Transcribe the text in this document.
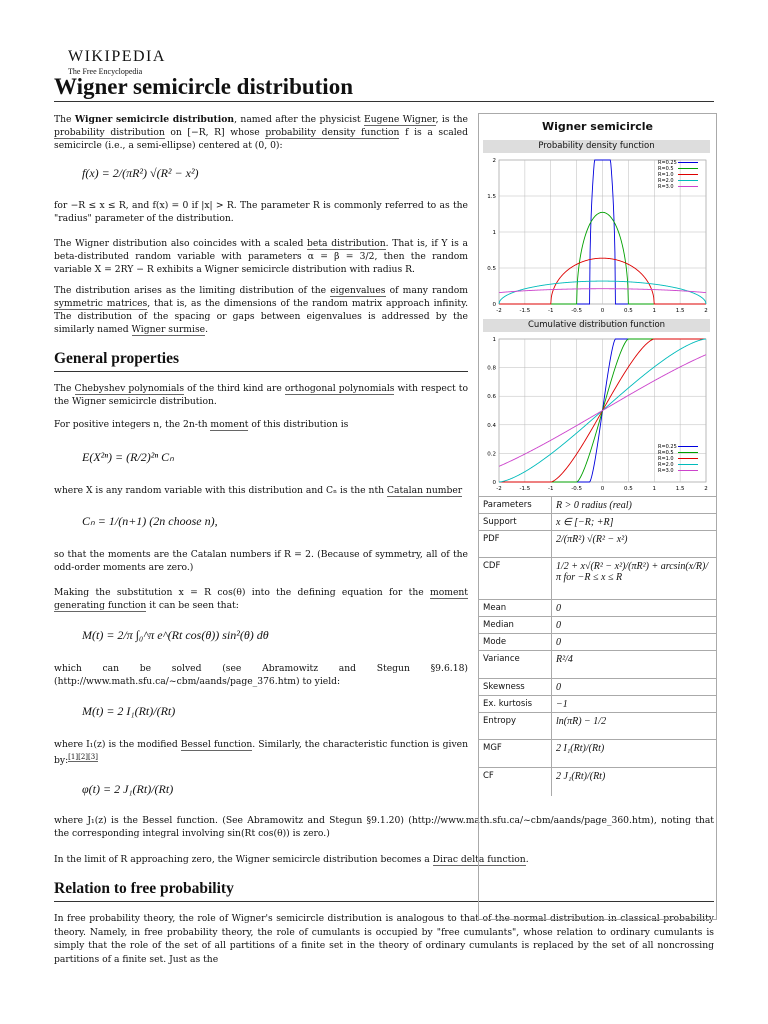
WIKIPEDIA
The Free Encyclopedia
Wigner semicircle distribution
The Wigner semicircle distribution, named after the physicist Eugene Wigner, is the probability distribution on [−R, R] whose probability density function f is a scaled semicircle (i.e., a semi-ellipse) centered at (0, 0):
f(x) = 2/(πR²) √(R² − x²)
for −R ≤ x ≤ R, and f(x) = 0 if |x| > R. The parameter R is commonly referred to as the "radius" parameter of the distribution.
The Wigner distribution also coincides with a scaled beta distribution. That is, if Y is a beta-distributed random variable with parameters α = β = 3/2, then the random variable X = 2RY − R exhibits a Wigner semicircle distribution with radius R.
The distribution arises as the limiting distribution of the eigenvalues of many random symmetric matrices, that is, as the dimensions of the random matrix approach infinity. The distribution of the spacing or gaps between eigenvalues is addressed by the similarly named Wigner surmise.
General properties
The Chebyshev polynomials of the third kind are orthogonal polynomials with respect to the Wigner semicircle distribution.
For positive integers n, the 2n-th moment of this distribution is
E(X²ⁿ) = (R/2)²ⁿ Cₙ
where X is any random variable with this distribution and Cₙ is the nth Catalan number
Cₙ = 1/(n+1) (2n choose n),
so that the moments are the Catalan numbers if R = 2. (Because of symmetry, all of the odd-order moments are zero.)
Making the substitution x = R cos(θ) into the defining equation for the moment generating function it can be seen that:
M(t) = 2/π ∫₀^π e^(Rt cos(θ)) sin²(θ) dθ
which can be solved (see Abramowitz and Stegun §9.6.18) (http://www.math.sfu.ca/~cbm/aands/page_376.htm) to yield:
M(t) = 2 I₁(Rt)/(Rt)
where I₁(z) is the modified Bessel function. Similarly, the characteristic function is given by:[1][2][3]
φ(t) = 2 J₁(Rt)/(Rt)
where J₁(z) is the Bessel function. (See Abramowitz and Stegun §9.1.20) (http://www.math.sfu.ca/~cbm/aands/page_360.htm), noting that the corresponding integral involving sin(Rt cos(θ)) is zero.)
In the limit of R approaching zero, the Wigner semicircle distribution becomes a Dirac delta function.
Relation to free probability
In free probability theory, the role of Wigner's semicircle distribution is analogous to that of the normal distribution in classical probability theory. Namely, in free probability theory, the role of cumulants is occupied by "free cumulants", whose relation to ordinary cumulants is simply that the role of the set of all partitions of a finite set in the theory of ordinary cumulants is replaced by the set of all noncrossing partitions of a finite set. Just as the
Wigner semicircle
Probability density function
-2	-1.5	-1	-0.5	0	0.5	1	1.5	2
0
0.5
1
1.5
2	R=0.25
R=0.5
R=1.0
R=2.0
R=3.0
Cumulative distribution function
-2	-1.5	-1	-0.5	0	0.5	1	1.5	2
0
0.2
0.4
0.6
0.8
1
R=0.25
R=0.5
R=1.0
R=2.0
R=3.0
Parameters R > 0 radius (real)
Support	x ∈ [−R; +R]
PDF	2/(πR²) √(R² − x²)
CDF	1/2 + x√(R² − x²)/(πR²) + arcsin(x/R)/π for −R ≤ x ≤ R
Mean	0
Median	0
Mode	0
Variance	R²/4
Skewness	0
Ex. kurtosis −1
Entropy	ln(πR) − 1/2
MGF	2 I₁(Rt)/(Rt)
CF	2 J₁(Rt)/(Rt)
